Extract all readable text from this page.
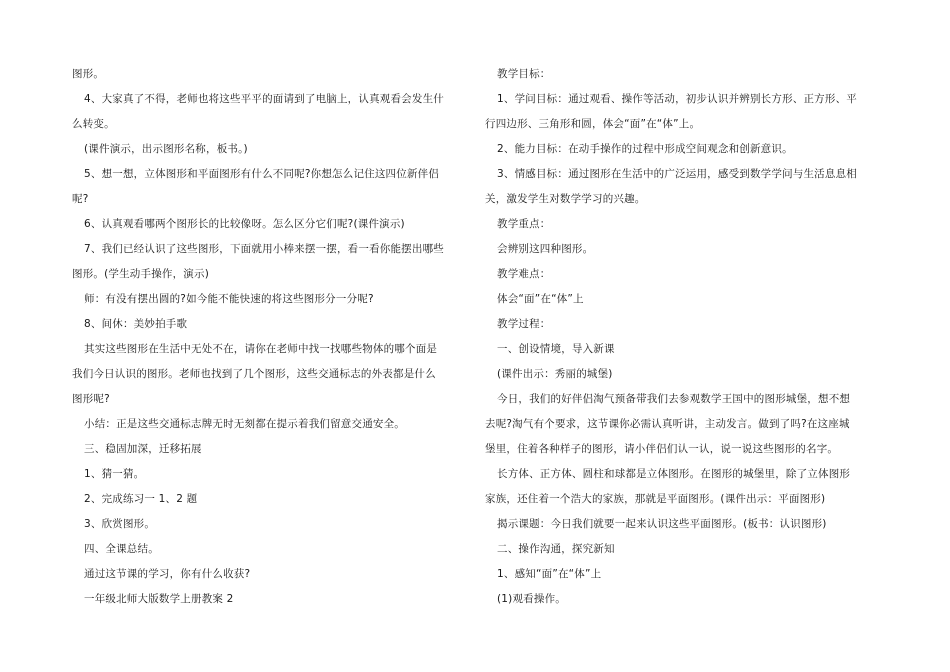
图形。
4、大家真了不得，老师也将这些平平的面请到了电脑上，认真观看会发生什
么转变。
(课件演示，出示图形名称，板书。)
5、想一想，立体图形和平面图形有什么不同呢?你想怎么记住这四位新伴侣
呢?
6、认真观看哪两个图形长的比较像呀。怎么区分它们呢?(课件演示)
7、我们已经认识了这些图形，下面就用小棒来摆一摆，看一看你能摆出哪些
图形。(学生动手操作，演示)
师：有没有摆出圆的?如今能不能快速的将这些图形分一分呢?
8、间休：美妙拍手歌
其实这些图形在生活中无处不在，请你在老师中找一找哪些物体的哪个面是
我们今日认识的图形。老师也找到了几个图形，这些交通标志的外表都是什么
图形呢?
小结：正是这些交通标志牌无时无刻都在提示着我们留意交通安全。
三、稳固加深，迁移拓展
1、猜一猜。
2、完成练习一 1、2 题
3、欣赏图形。
四、全课总结。
通过这节课的学习，你有什么收获?
一年级北师大版数学上册教案 2
教学目标：
1、学问目标：通过观看、操作等活动，初步认识并辨别长方形、正方形、平
行四边形、三角形和圆，体会“面”在“体”上。
2、能力目标：在动手操作的过程中形成空间观念和创新意识。
3、情感目标：通过图形在生活中的广泛运用，感受到数学学问与生活息息相
关，激发学生对数学学习的兴趣。
教学重点：
会辨别这四种图形。
教学难点：
体会“面”在“体”上
教学过程：
一、创设情境，导入新课
(课件出示：秀丽的城堡)
今日，我们的好伴侣淘气预备带我们去参观数学王国中的图形城堡，想不想
去呢?淘气有个要求，这节课你必需认真听讲，主动发言。做到了吗?在这座城
堡里，住着各种样子的图形，请小伴侣们认一认，说一说这些图形的名字。
长方体、正方体、圆柱和球都是立体图形。在图形的城堡里，除了立体图形
家族，还住着一个浩大的家族，那就是平面图形。(课件出示：平面图形)
揭示课题：今日我们就要一起来认识这些平面图形。(板书：认识图形)
二、操作沟通，探究新知
1、感知“面”在“体”上
(1)观看操作。
